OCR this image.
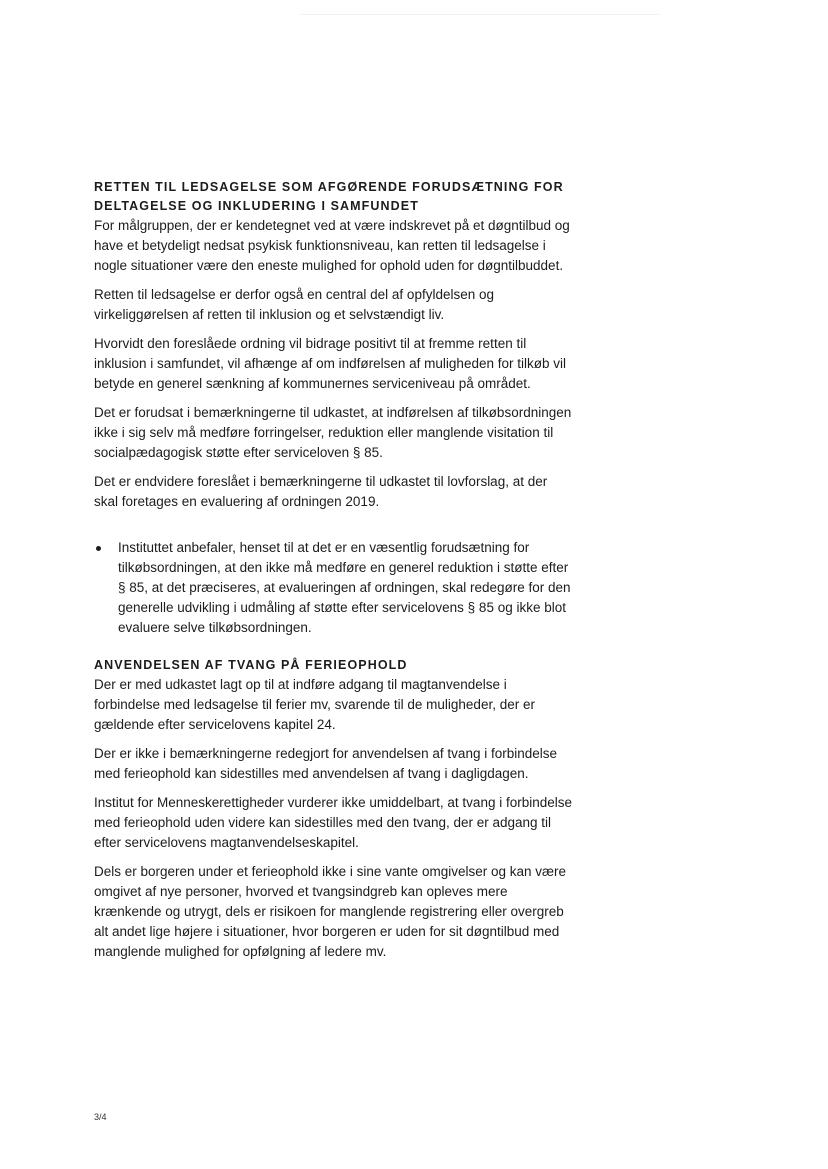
RETTEN TIL LEDSAGELSE SOM AFGØRENDE FORUDSÆTNING FOR
DELTAGELSE OG INKLUDERING I SAMFUNDET

For målgruppen, der er kendetegnet ved at være indskrevet på et døgntilbud og have et betydeligt nedsat psykisk funktionsniveau, kan retten til ledsagelse i nogle situationer være den eneste mulighed for ophold uden for døgntilbuddet.

Retten til ledsagelse er derfor også en central del af opfyldelsen og virkeliggørelsen af retten til inklusion og et selvstændigt liv.

Hvorvidt den foreslåede ordning vil bidrage positivt til at fremme retten til inklusion i samfundet, vil afhænge af om indførelsen af muligheden for tilkøb vil betyde en generel sænkning af kommunernes serviceniveau på området.

Det er forudsat i bemærkningerne til udkastet, at indførelsen af tilkøbsordningen ikke i sig selv må medføre forringelser, reduktion eller manglende visitation til socialpædagogisk støtte efter serviceloven § 85.

Det er endvidere foreslået i bemærkningerne til udkastet til lovforslag, at der skal foretages en evaluering af ordningen 2019.

Instituttet anbefaler, henset til at det er en væsentlig forudsætning for tilkøbsordningen, at den ikke må medføre en generel reduktion i støtte efter § 85, at det præciseres, at evalueringen af ordningen, skal redegøre for den generelle udvikling i udmåling af støtte efter servicelovens § 85 og ikke blot evaluere selve tilkøbsordningen.
ANVENDELSEN AF TVANG PÅ FERIEOPHOLD

Der er med udkastet lagt op til at indføre adgang til magtanvendelse i forbindelse med ledsagelse til ferier mv, svarende til de muligheder, der er gældende efter servicelovens kapitel 24.

Der er ikke i bemærkningerne redegjort for anvendelsen af tvang i forbindelse med ferieophold kan sidestilles med anvendelsen af tvang i dagligdagen.

Institut for Menneskerettigheder vurderer ikke umiddelbart, at tvang i forbindelse med ferieophold uden videre kan sidestilles med den tvang, der er adgang til efter servicelovens magtanvendelseskapitel.

Dels er borgeren under et ferieophold ikke i sine vante omgivelser og kan være omgivet af nye personer, hvorved et tvangsindgreb kan opleves mere krænkende og utrygt, dels er risikoen for manglende registrering eller overgreb alt andet lige højere i situationer, hvor borgeren er uden for sit døgntilbud med manglende mulighed for opfølgning af ledere mv.

3/4
